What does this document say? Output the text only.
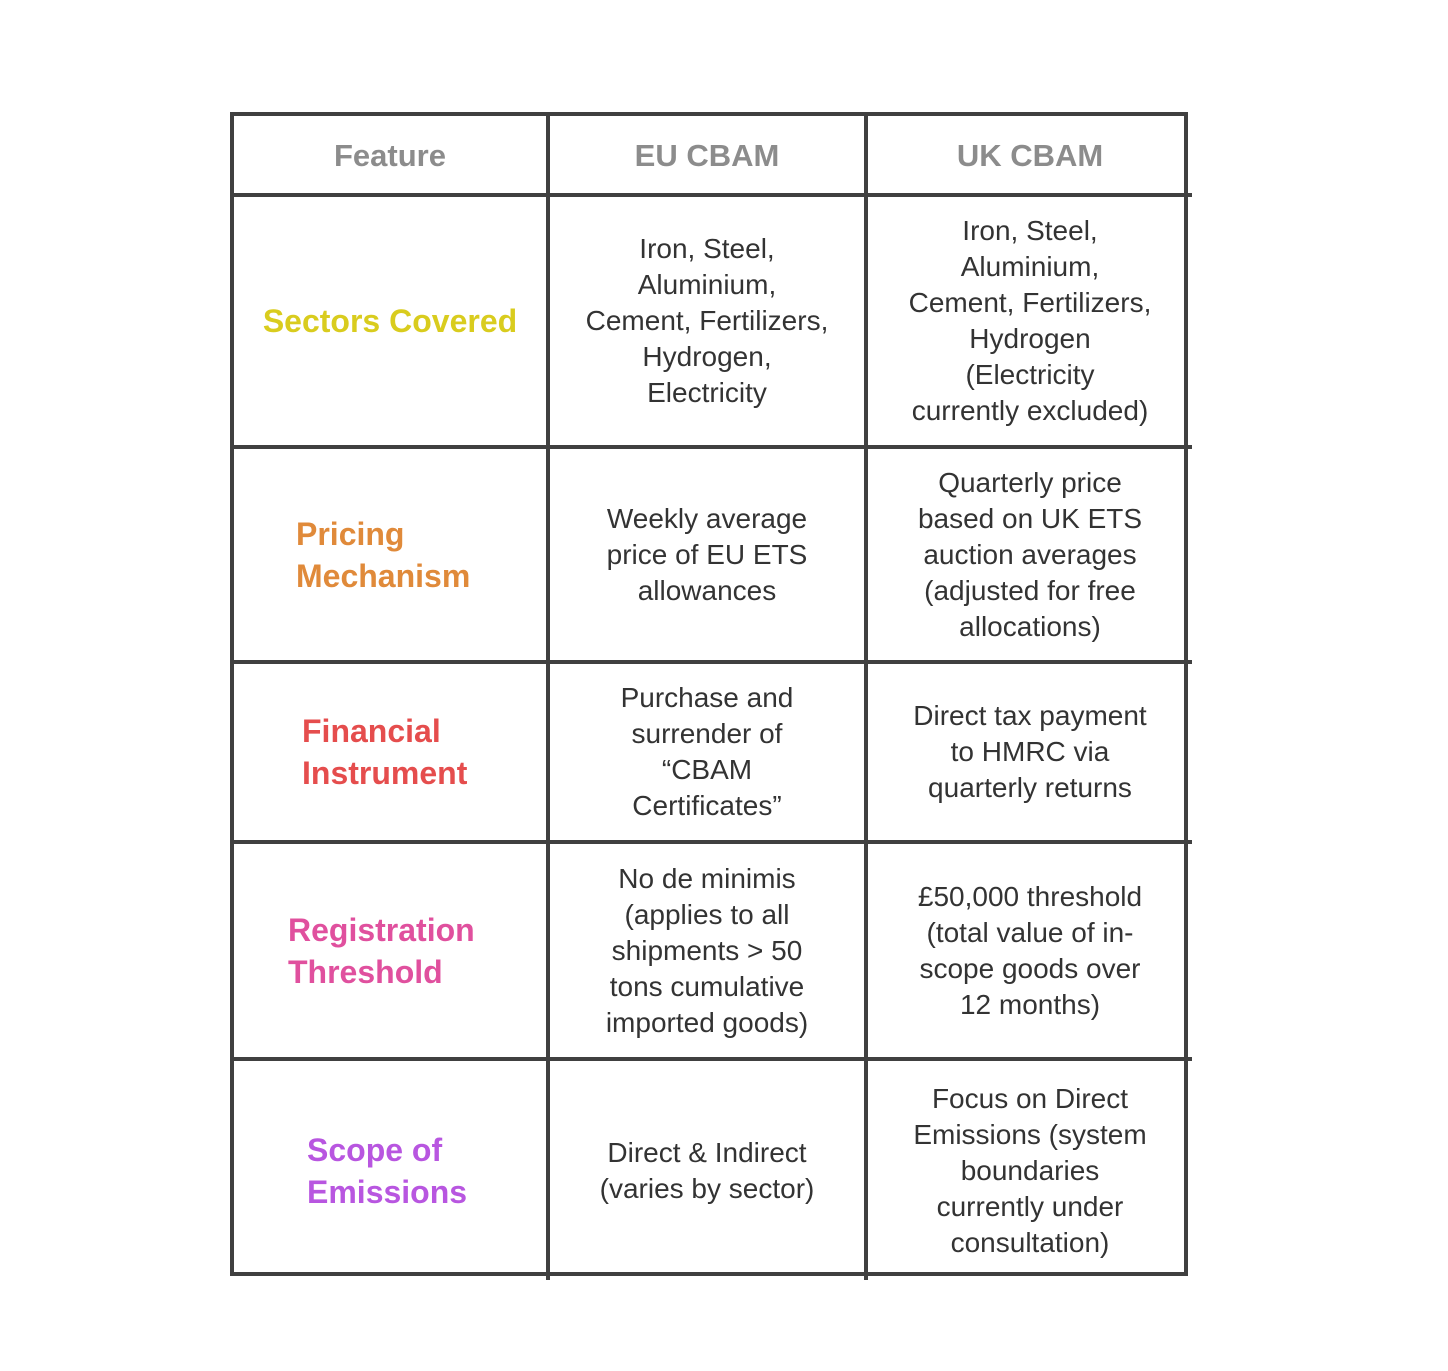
Feature	EU CBAM	UK CBAM
Sectors Covered
Iron, Steel,
Aluminium,
Cement, Fertilizers,
Hydrogen,
Electricity
Iron, Steel,
Aluminium,
Cement, Fertilizers,
Hydrogen
(Electricity
currently excluded)
Pricing
Mechanism
Weekly average
price of EU ETS
allowances
Quarterly price
based on UK ETS
auction averages
(adjusted for free
allocations)
Financial
Instrument
Purchase and
surrender of
“CBAM
Certificates”
Direct tax payment
to HMRC via
quarterly returns
Registration
Threshold
No de minimis
(applies to all
shipments > 50
tons cumulative
imported goods)
£50,000 threshold
(total value of in-
scope goods over
12 months)
Scope of
Emissions
Direct & Indirect
(varies by sector)
Focus on Direct
Emissions (system
boundaries
currently under
consultation)
